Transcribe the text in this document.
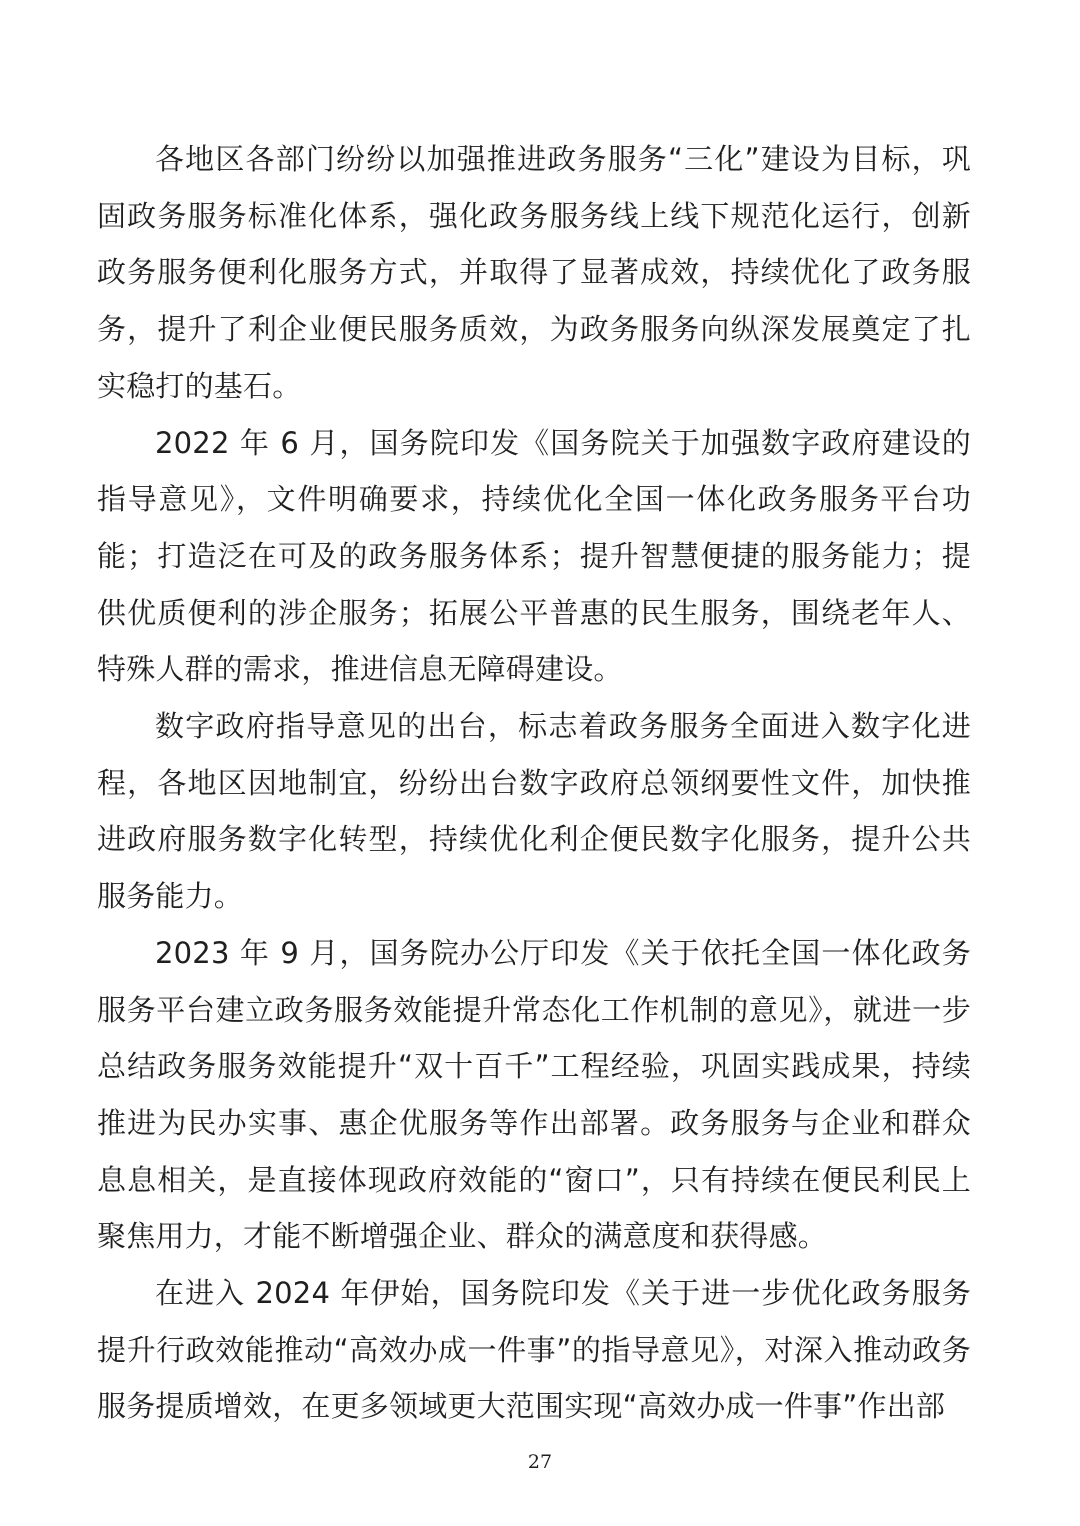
各地区各部门纷纷以加强推进政务服务“三化”建设为目标，巩固政务服务标准化体系，强化政务服务线上线下规范化运行，创新政务服务便利化服务方式，并取得了显著成效，持续优化了政务服务，提升了利企业便民服务质效，为政务服务向纵深发展奠定了扎实稳打的基石。

2022 年 6 月，国务院印发《国务院关于加强数字政府建设的指导意见》，文件明确要求，持续优化全国一体化政务服务平台功能；打造泛在可及的政务服务体系；提升智慧便捷的服务能力；提供优质便利的涉企服务；拓展公平普惠的民生服务，围绕老年人、特殊人群的需求，推进信息无障碍建设。

数字政府指导意见的出台，标志着政务服务全面进入数字化进程，各地区因地制宜，纷纷出台数字政府总领纲要性文件，加快推进政府服务数字化转型，持续优化利企便民数字化服务，提升公共服务能力。

2023 年 9 月，国务院办公厅印发《关于依托全国一体化政务服务平台建立政务服务效能提升常态化工作机制的意见》，就进一步总结政务服务效能提升“双十百千”工程经验，巩固实践成果，持续推进为民办实事、惠企优服务等作出部署。政务服务与企业和群众息息相关，是直接体现政府效能的“窗口”，只有持续在便民利民上聚焦用力，才能不断增强企业、群众的满意度和获得感。

在进入 2024 年伊始，国务院印发《关于进一步优化政务服务提升行政效能推动“高效办成一件事”的指导意见》，对深入推动政务服务提质增效，在更多领域更大范围实现“高效办成一件事”作出部

27
